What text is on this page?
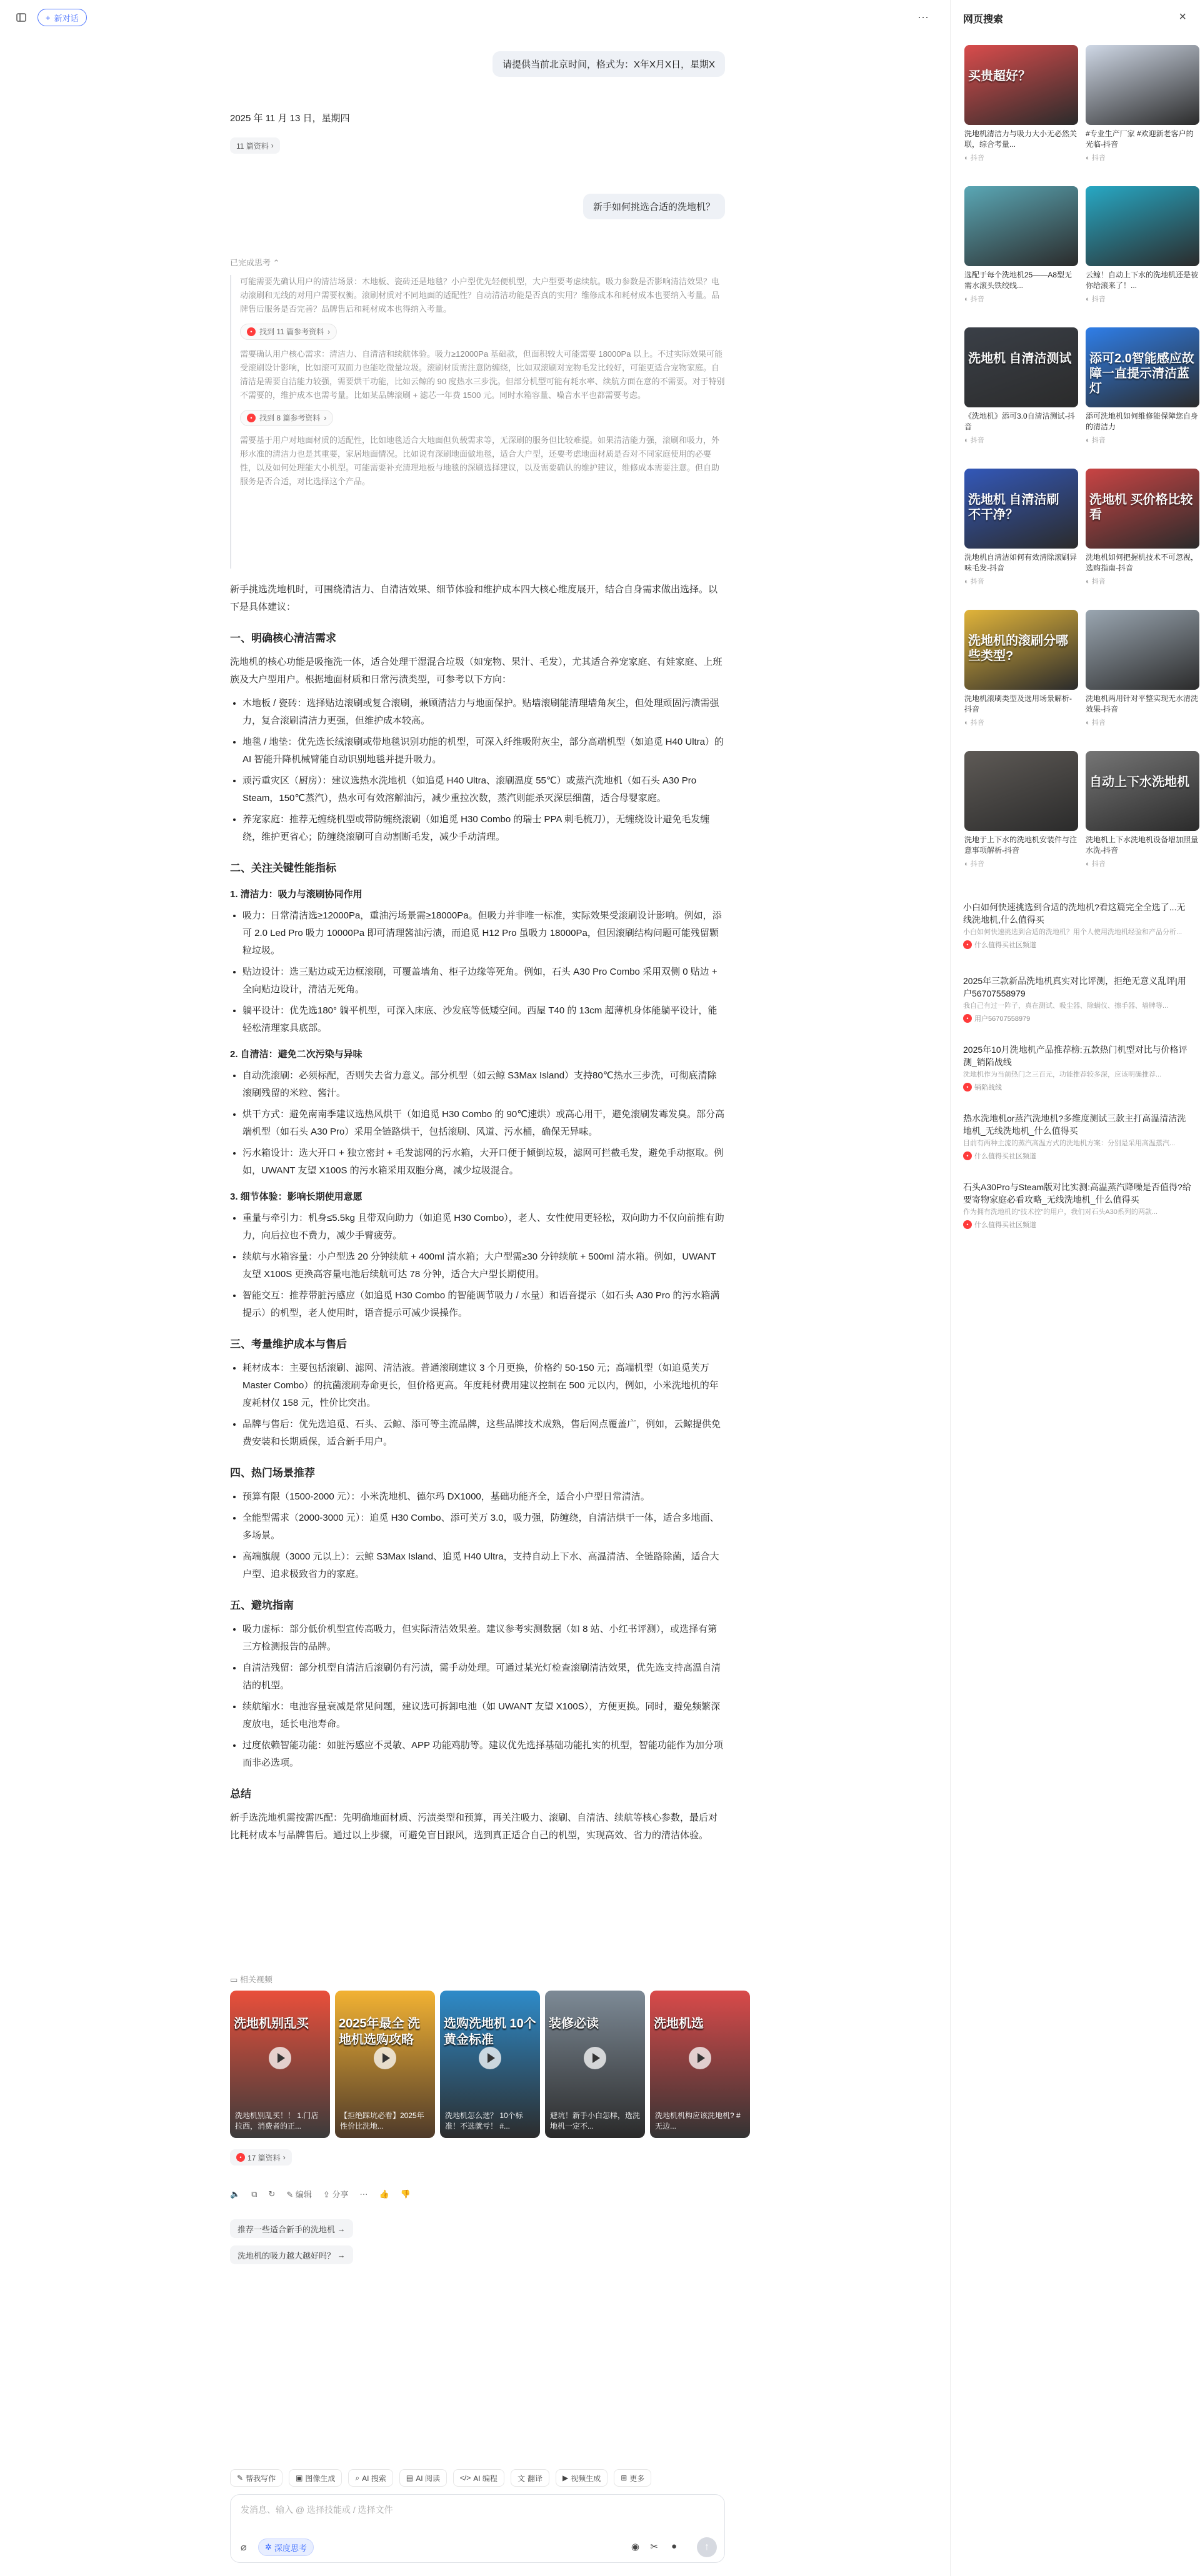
+ 新对话	···
请提供当前北京时间，格式为：X年X月X日，星期X
2025 年 11 月 13 日，星期四
11 篇资料 ›
新手如何挑选合适的洗地机？
已完成思考 ⌃

可能需要先确认用户的清洁场景：木地板、瓷砖还是地毯？小户型优先轻便机型，大户型要考虑续航。吸力参数是否影响清洁效果？电动滚刷和无线的对用户需要权衡。滚刷材质对不同地面的适配性？自动清洁功能是否真的实用？维修成本和耗材成本也要纳入考量。品牌售后服务是否完善？品牌售后和耗材成本也得纳入考量。

• 找到 11 篇参考资料 ›

需要确认用户核心需求：清洁力、自清洁和续航体验。吸力≥12000Pa 基础款，但面积较大可能需要 18000Pa 以上。不过实际效果可能受滚刷设计影响，比如滚可双面力也能吃微量垃圾。滚刷材质需注意防缠绕，比如双滚刷对宠物毛发比较好，可能更适合宠物家庭。自清洁是需要自洁能力较强，需要烘干功能，比如云鲸的 90 度热水三步洗。但部分机型可能有耗水率、续航方面在意的不需要。对于特别不需要的，维护成本也需考量。比如某品牌滚刷 + 滤芯一年费 1500 元。同时水箱容量、噪音水平也都需要考虑。

• 找到 8 篇参考资料 ›

需要基于用户对地面材质的适配性，比如地毯适合大地面但负载需求等，无深刷的服务但比较难提。如果清洁能力强，滚刷和吸力，外形水准的清洁力也是其重要，家居地面情况。比如说有深刷地面做地毯，适合大户型，还要考虑地面材质是否对不同家庭使用的必要性，以及如何处理能大小机型。可能需要补充清理地板与地毯的深刷选择建议，以及需要确认的维护建议，维修成本需要注意。但自助服务是否合适，对比选择这个产品。

新手挑选洗地机时，可围绕清洁力、自清洁效果、细节体验和维护成本四大核心维度展开，结合自身需求做出选择。以下是具体建议：

一、明确核心清洁需求

洗地机的核心功能是吸拖洗一体，适合处理干湿混合垃圾（如宠物、果汁、毛发），尤其适合养宠家庭、有娃家庭、上班族及大户型用户。根据地面材质和日常污渍类型，可参考以下方向：

• 木地板 / 瓷砖：选择贴边滚刷或复合滚刷，兼顾清洁力与地面保护。贴墙滚刷能清理墙角灰尘，但处理顽固污渍需强力，复合滚刷清洁力更强，但维护成本较高。
• 地毯 / 地垫：优先选长绒滚刷或带地毯识别功能的机型，可深入纤维吸附灰尘，部分高端机型（如追觅 H40 Ultra）的 AI 智能升降机械臂能自动识别地毯并提升吸力。
• 顽污重灾区（厨房）：建议选热水洗地机（如追觅 H40 Ultra、滚刷温度 55℃）或蒸汽洗地机（如石头 A30 Pro Steam，150℃蒸汽），热水可有效溶解油污，减少重拉次数，蒸汽则能杀灭深层细菌，适合母婴家庭。
• 养宠家庭：推荐无缠绕机型或带防缠绕滚刷（如追觅 H30 Combo 的瑞士 PPA 刺毛梳刀），无缠绕设计避免毛发缠绕，维护更省心；防缠绕滚刷可自动割断毛发，减少手动清理。
二、关注关键性能指标
1. 清洁力：吸力与滚刷协同作用
• 吸力：日常清洁选≥12000Pa，重油污场景需≥18000Pa。但吸力并非唯一标准，实际效果受滚刷设计影响。例如，添可 2.0 Led Pro 吸力 10000Pa 即可清理酱油污渍，而追觅 H12 Pro 虽吸力 18000Pa，但因滚刷结构问题可能残留颗粒垃圾。
• 贴边设计：选三贴边或无边框滚刷，可覆盖墙角、柜子边缘等死角。例如，石头 A30 Pro Combo 采用双侧 0 贴边 + 全向贴边设计，清洁无死角。
• 躺平设计：优先选180° 躺平机型，可深入床底、沙发底等低矮空间。西屋 T40 的 13cm 超薄机身体能躺平设计，能轻松清理家具底部。
2. 自清洁：避免二次污染与异味
• 自动洗滚刷：必须标配，否则失去省力意义。部分机型（如云鲸 S3Max Island）支持80℃热水三步洗，可彻底清除滚刷残留的米粒、酱汁。
• 烘干方式：避免南南季建议选热风烘干（如追觅 H30 Combo 的 90℃速烘）或高心用干，避免滚刷发霉发臭。部分高端机型（如石头 A30 Pro）采用全链路烘干，包括滚刷、风道、污水桶，确保无异味。
• 污水箱设计：选大开口 + 独立密封 + 毛发滤网的污水箱，大开口便于倾倒垃圾，滤网可拦截毛发，避免手动抠取。例如，UWANT 友望 X100S 的污水箱采用双胞分离，减少垃圾混合。
3. 细节体验：影响长期使用意愿
• 重量与牵引力：机身≤5.5kg 且带双向助力（如追觅 H30 Combo），老人、女性使用更轻松，双向助力不仅向前推有助力，向后拉也不费力，减少手臂疲劳。
• 续航与水箱容量：小户型选 20 分钟续航 + 400ml 清水箱；大户型需≥30 分钟续航 + 500ml 清水箱。例如，UWANT 友望 X100S 更换高容量电池后续航可达 78 分钟，适合大户型长期使用。
• 智能交互：推荐带脏污感应（如追觅 H30 Combo 的智能调节吸力 / 水量）和语音提示（如石头 A30 Pro 的污水箱满提示）的机型，老人使用时，语音提示可减少误操作。
三、考量维护成本与售后
• 耗材成本：主要包括滚刷、滤网、清洁液。普通滚刷建议 3 个月更换，价格约 50-150 元；高端机型（如追觅芙万 Master Combo）的抗菌滚刷寿命更长，但价格更高。年度耗材费用建议控制在 500 元以内，例如，小米洗地机的年度耗材仅 158 元，性价比突出。
• 品牌与售后：优先选追觅、石头、云鲸、添可等主流品牌，这些品牌技术成熟，售后网点覆盖广，例如，云鲸提供免费安装和长期质保，适合新手用户。
四、热门场景推荐
• 预算有限（1500-2000 元）：小米洗地机、德尔玛 DX1000，基础功能齐全，适合小户型日常清洁。
• 全能型需求（2000-3000 元）：追觅 H30 Combo、添可芙万 3.0，吸力强，防缠绕，自清洁烘干一体，适合多地面、多场景。
• 高端旗舰（3000 元以上）：云鲸 S3Max Island、追觅 H40 Ultra，支持自动上下水、高温清洁、全链路除菌，适合大户型、追求极致省力的家庭。
五、避坑指南
• 吸力虚标：部分低价机型宣传高吸力，但实际清洁效果差。建议参考实测数据（如 8 站、小红书评测），或选择有第三方检测报告的品牌。
• 自清洁残留：部分机型自清洁后滚刷仍有污渍，需手动处理。可通过某光灯检查滚刷清洁效果，优先选支持高温自清洁的机型。
• 续航缩水：电池容量衰减是常见问题，建议选可拆卸电池（如 UWANT 友望 X100S），方便更换。同时，避免频繁深度放电，延长电池寿命。
• 过度依赖智能功能：如脏污感应不灵敏、APP 功能鸡肋等。建议优先选择基础功能扎实的机型，智能功能作为加分项而非必选项。
总结

新手选洗地机需按需匹配：先明确地面材质、污渍类型和预算，再关注吸力、滚刷、自清洁、续航等核心参数，最后对比耗材成本与品牌售后。通过以上步骤，可避免盲目跟风，选到真正适合自己的机型，实现高效、省力的清洁体验。

▭ 相关视频
洗地机别乱买
洗地机别乱买！！ 1.门店拉西，消费者的正...
2025年最全 洗地机选购攻略
【拒绝踩坑必看】2025年性价比洗地...
选购洗地机 10个黄金标准
洗地机怎么选？ 10个标准！不选就亏！ #...
装修必读
避坑！新手小白怎样，选洗地机一定不...
洗地机选
洗地机机构应该洗地机? #无边...
• 17 篇资料 ›
🔈 ⧉ ↻ ✎ 编辑 ⇪ 分享 ··· 👍 👎
推荐一些适合新手的洗地机 →
洗地机的吸力越大越好吗？ →
✎ 帮我写作	▣ 图像生成	⌕ AI 搜索	▤ AI 阅读	</> AI 编程	文 翻译	▶ 视频生成	⊞ 更多
发消息、输入 @ 选择技能或 / 选择文件
⌀ ✲ 深度思考	◉ ✂ ●	↑
网页搜索	×
买贵超好？
洗地机清洁力与吸力大小无必然关联，综合考量...
◐ 抖音
#专业生产厂家 #欢迎新老客户的光临-抖音
◐ 抖音
选配于每个洗地机25——A8型无需水滚头铁绞线...
◐ 抖音
云鲸！自动上下水的洗地机还是被你给滚来了！...
◐ 抖音
洗地机 自清洁测试
《洗地机》添可3.0自清洁测试-抖音
◐ 抖音
添可2.0智能感应故障一直提示清洁蓝灯
添可洗地机如何维修能保障您自身的清洁力
◐ 抖音
洗地机 自清洁刷 不干净？
洗地机自清洁如何有效清除滚刷异味毛发-抖音
◐ 抖音
洗地机 买价格比较看
洗地机如何把握机技术不可忽视，选购指南-抖音
◐ 抖音
洗地机的滚刷分哪些类型?
洗地机滚刷类型及选用场景解析-抖音
◐ 抖音
洗地机两用针对平整实现无水清洗效果-抖音
◐ 抖音
洗地于上下水的洗地机安装件与注意事项解析-抖音
◐ 抖音
自动上下水洗地机
洗地机上下水洗地机设备增加照量水洗-抖音
◐ 抖音
小白如何快速挑选到合适的洗地机?看这篇完全全选了...无线洗地机,什么值得买
小白如何快速挑选到合适的洗地机？用个人使用洗地机经验和产品分析...
• 什么值得买社区频道
2025年三款新品洗地机真实对比评测，拒绝无意义乱评|用户56707558979
我自己有过一阵子，真在测试、吸尘器、除螨仪、擦手器、墙牌等...
• 用户56707558979
2025年10月洗地机产品推荐榜:五款热门机型对比与价格评测_销陷战线
洗地机作为当前热门之三百元，功能推荐较多深，应该明确推荐...
• 销陷战线
热水洗地机or蒸汽洗地机?多维度测试三款主打高温清洁洗地机_无线洗地机_什么值得买
目前有两种主流的蒸汽高温方式的洗地机方案：分别是采用高温蒸汽...
• 什么值得买社区频道
石头A30Pro与Steam版对比实测:高温蒸汽降噪是否值得?给要寄物家庭必看攻略_无线洗地机_什么值得买
作为拥有洗地机的“技术控”的用户，我们对石头A30系列的两款...
• 什么值得买社区频道
